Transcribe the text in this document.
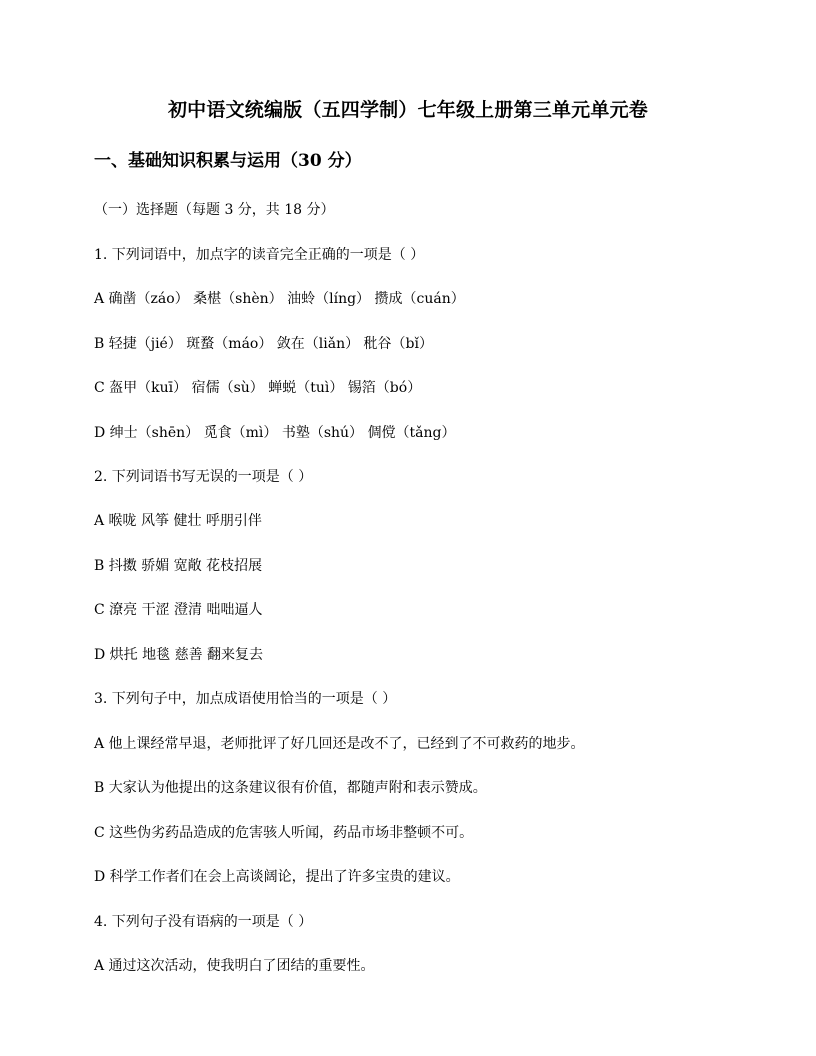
初中语文统编版（五四学制）七年级上册第三单元单元卷
一、基础知识积累与运用（30 分）
（一）选择题（每题 3 分，共 18 分）
1. 下列词语中，加点字的读音完全正确的一项是（ ）
A 确凿（záo） 桑椹（shèn） 油蛉（líng） 攒成（cuán）
B 轻捷（jié） 斑蝥（máo） 敛在（liǎn） 秕谷（bǐ）
C 盔甲（kuī） 宿儒（sù） 蝉蜕（tuì） 锡箔（bó）
D 绅士（shēn） 觅食（mì） 书塾（shú） 倜傥（tǎng）
2. 下列词语书写无误的一项是（ ）
A 喉咙 风筝 健壮 呼朋引伴
B 抖擞 骄媚 宽敞 花枝招展
C 潦亮 干涩 澄清 咄咄逼人
D 烘托 地毯 慈善 翻来复去
3. 下列句子中，加点成语使用恰当的一项是（ ）
A 他上课经常早退，老师批评了好几回还是改不了，已经到了不可救药的地步。
B 大家认为他提出的这条建议很有价值，都随声附和表示赞成。
C 这些伪劣药品造成的危害骇人听闻，药品市场非整顿不可。
D 科学工作者们在会上高谈阔论，提出了许多宝贵的建议。
4. 下列句子没有语病的一项是（ ）
A 通过这次活动，使我明白了团结的重要性。
